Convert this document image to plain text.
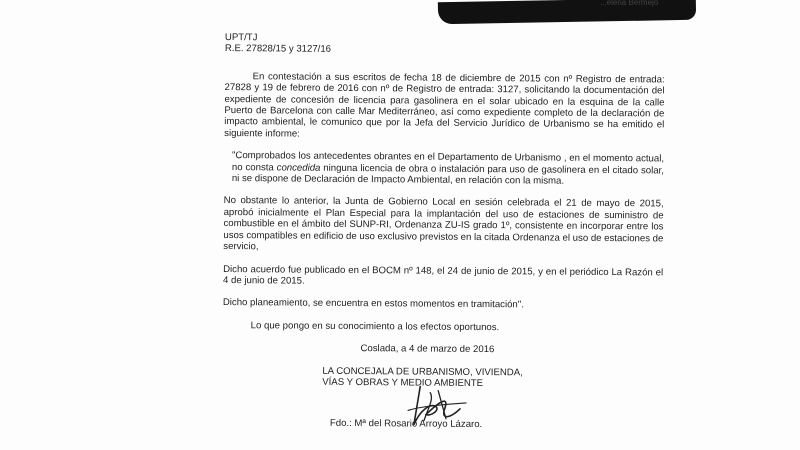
...elena Bermejo

UPT/TJ

R.E. 27828/15 y 3127/16

En contestación a sus escritos de fecha 18 de diciembre de 2015 con nº Registro de entrada: 27828 y 19 de febrero de 2016 con nº de Registro de entrada: 3127, solicitando la documentación del expediente de concesión de licencia para gasolinera en el solar ubicado en la esquina de la calle Puerto de Barcelona con calle Mar Mediterráneo, así como expediente completo de la declaración de impacto ambiental, le comunico que por la Jefa del Servicio Jurídico de Urbanismo se ha emitido el siguiente informe:

"Comprobados los antecedentes obrantes en el Departamento de Urbanismo , en el momento actual, no consta concedida ninguna licencia de obra o instalación para uso de gasolinera en el citado solar, ni se dispone de Declaración de Impacto Ambiental, en relación con la misma.

No obstante lo anterior, la Junta de Gobierno Local en sesión celebrada el 21 de mayo de 2015, aprobó inicialmente el Plan Especial para la implantación del uso de estaciones de suministro de combustible en el ámbito del SUNP-RI, Ordenanza ZU-IS grado 1º, consistente en incorporar entre los usos compatibles en edificio de uso exclusivo previstos en la citada Ordenanza el uso de estaciones de servicio,

Dicho acuerdo fue publicado en el BOCM nº 148, el 24 de junio de 2015, y en el periódico La Razón el 4 de junio de 2015.

Dicho planeamiento, se encuentra en estos momentos en tramitación".

Lo que pongo en su conocimiento a los efectos oportunos.

Coslada, a 4 de marzo de 2016

LA CONCEJALA DE URBANISMO, VIVIENDA,

VÍAS Y OBRAS Y MEDIO AMBIENTE

Fdo.: Mª del Rosario Arroyo Lázaro.
